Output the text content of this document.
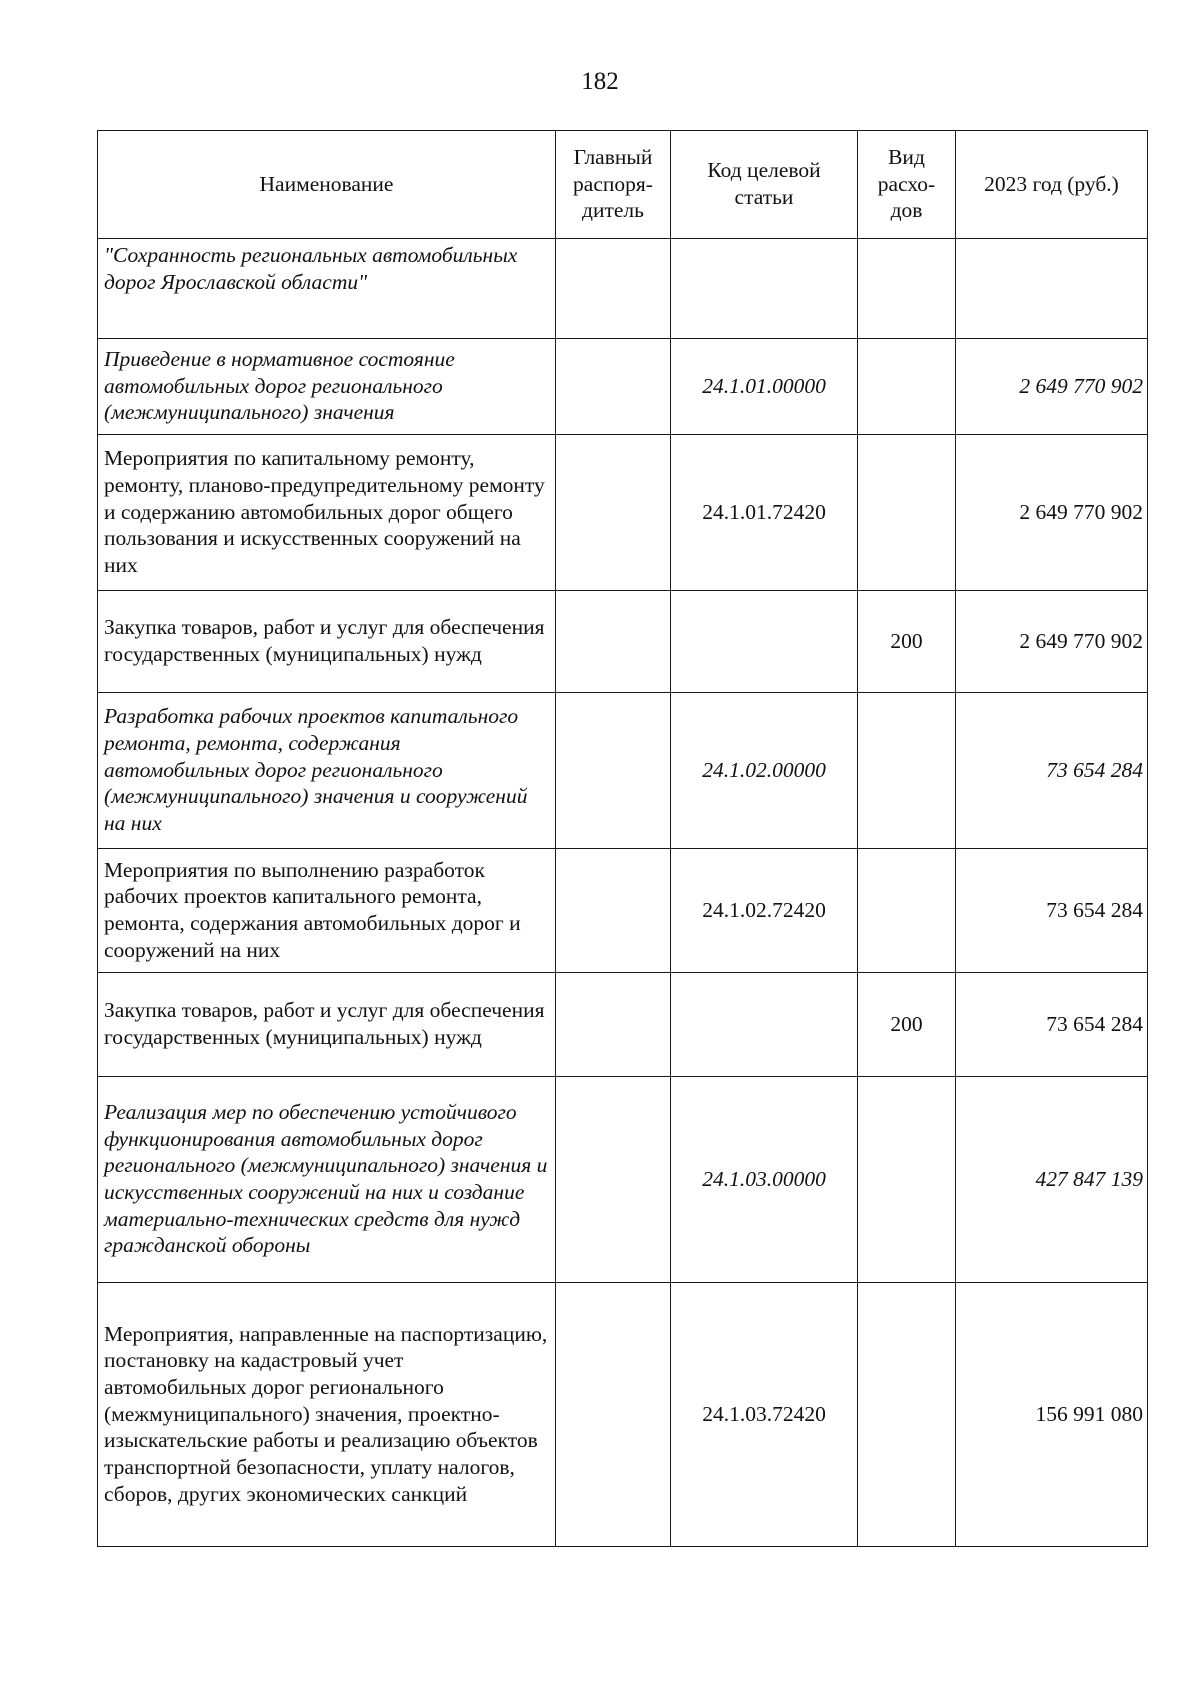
182
Наименование	Главный распоря-дитель	Код целевой статьи	Вид расхо-дов	2023 год (руб.)
"Сохранность региональных автомобильных дорог Ярославской области"				
Приведение в нормативное состояние автомобильных дорог регионального (межмуниципального) значения		24.1.01.00000		2 649 770 902
Мероприятия по капитальному ремонту, ремонту, планово-предупредительному ремонту и содержанию автомобильных дорог общего пользования и искусственных сооружений на них		24.1.01.72420		2 649 770 902
Закупка товаров, работ и услуг для обеспечения государственных (муниципальных) нужд			200	2 649 770 902
Разработка рабочих проектов капитального ремонта, ремонта, содержания автомобильных дорог регионального (межмуниципального) значения и сооружений на них		24.1.02.00000		73 654 284
Мероприятия по выполнению разработок рабочих проектов капитального ремонта, ремонта, содержания автомобильных дорог и сооружений на них		24.1.02.72420		73 654 284
Закупка товаров, работ и услуг для обеспечения государственных (муниципальных) нужд			200	73 654 284
Реализация мер по обеспечению устойчивого функционирования автомобильных дорог регионального (межмуниципального) значения и искусственных сооружений на них и создание материально-технических средств для нужд гражданской обороны		24.1.03.00000		427 847 139
Мероприятия, направленные на паспортизацию, постановку на кадастровый учет автомобильных дорог регионального (межмуниципального) значения, проектно-изыскательские работы и реализацию объектов транспортной безопасности, уплату налогов, сборов, других экономических санкций		24.1.03.72420		156 991 080
